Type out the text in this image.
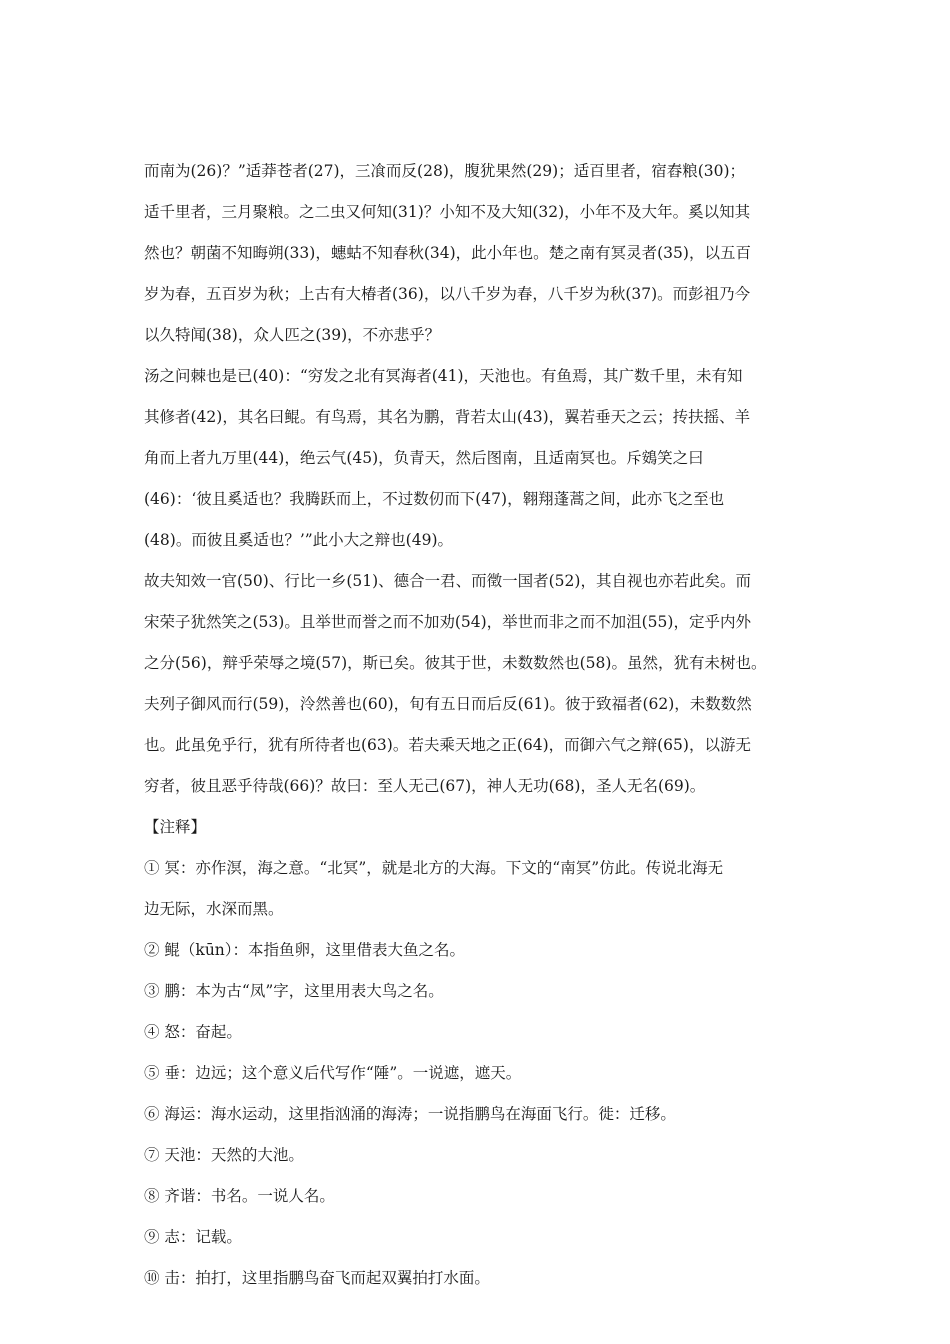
而南为(26)？”适莽苍者(27)，三飡而反(28)，腹犹果然(29)；适百里者，宿舂粮(30)；
适千里者，三月聚粮。之二虫又何知(31)？小知不及大知(32)，小年不及大年。奚以知其
然也？朝菌不知晦朔(33)，蟪蛄不知春秋(34)，此小年也。楚之南有冥灵者(35)，以五百
岁为春，五百岁为秋；上古有大椿者(36)，以八千岁为春，八千岁为秋(37)。而彭祖乃今
以久特闻(38)，众人匹之(39)，不亦悲乎？
汤之问棘也是已(40)：“穷发之北有冥海者(41)，天池也。有鱼焉，其广数千里，未有知
其修者(42)，其名曰鲲。有鸟焉，其名为鹏，背若太山(43)，翼若垂天之云；抟扶摇、羊
角而上者九万里(44)，绝云气(45)，负青天，然后图南，且适南冥也。斥鴳笑之曰
(46)：‘彼且奚适也？我腾跃而上，不过数仞而下(47)，翱翔蓬蒿之间，此亦飞之至也
(48)。而彼且奚适也？’”此小大之辩也(49)。
故夫知效一官(50)、行比一乡(51)、德合一君、而徵一国者(52)，其自视也亦若此矣。而
宋荣子犹然笑之(53)。且举世而誉之而不加劝(54)，举世而非之而不加沮(55)，定乎内外
之分(56)，辩乎荣辱之境(57)，斯已矣。彼其于世，未数数然也(58)。虽然，犹有未树也。
夫列子御风而行(59)，泠然善也(60)，旬有五日而后反(61)。彼于致福者(62)，未数数然
也。此虽免乎行，犹有所待者也(63)。若夫乘天地之正(64)，而御六气之辩(65)，以游无
穷者，彼且恶乎待哉(66)？故曰：至人无己(67)，神人无功(68)，圣人无名(69)。
【注释】
① 冥：亦作溟，海之意。“北冥”，就是北方的大海。下文的“南冥”仿此。传说北海无
边无际，水深而黑。
② 鲲（kūn）：本指鱼卵，这里借表大鱼之名。
③ 鹏：本为古“凤”字，这里用表大鸟之名。
④ 怒：奋起。
⑤ 垂：边远；这个意义后代写作“陲”。一说遮，遮天。
⑥ 海运：海水运动，这里指汹涌的海涛；一说指鹏鸟在海面飞行。徙：迁移。
⑦ 天池：天然的大池。
⑧ 齐谐：书名。一说人名。
⑨ 志：记载。
⑩ 击：拍打，这里指鹏鸟奋飞而起双翼拍打水面。
